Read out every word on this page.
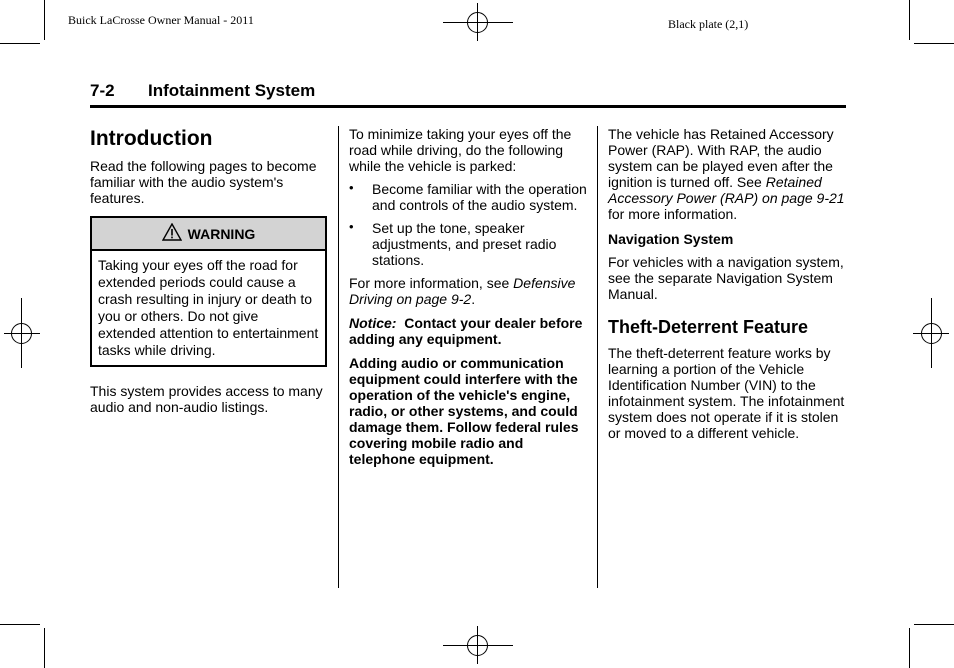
Buick LaCrosse Owner Manual - 2011	Black plate (2,1)
7-2 Infotainment System
Introduction

Read the following pages to become familiar with the audio system's features.

WARNING
Taking your eyes off the road for extended periods could cause a crash resulting in injury or death to you or others. Do not give extended attention to entertainment tasks while driving.

This system provides access to many audio and non-audio listings.

To minimize taking your eyes off the road while driving, do the following while the vehicle is parked:

• Become familiar with the operation and controls of the audio system.
• Set up the tone, speaker adjustments, and preset radio stations.

For more information, see Defensive Driving on page 9-2.

Notice: Contact your dealer before adding any equipment.

Adding audio or communication equipment could interfere with the operation of the vehicle's engine, radio, or other systems, and could damage them. Follow federal rules covering mobile radio and telephone equipment.

The vehicle has Retained Accessory Power (RAP). With RAP, the audio system can be played even after the ignition is turned off. See Retained Accessory Power (RAP) on page 9-21 for more information.

Navigation System

For vehicles with a navigation system, see the separate Navigation System Manual.

Theft-Deterrent Feature

The theft-deterrent feature works by learning a portion of the Vehicle Identification Number (VIN) to the infotainment system. The infotainment system does not operate if it is stolen or moved to a different vehicle.
